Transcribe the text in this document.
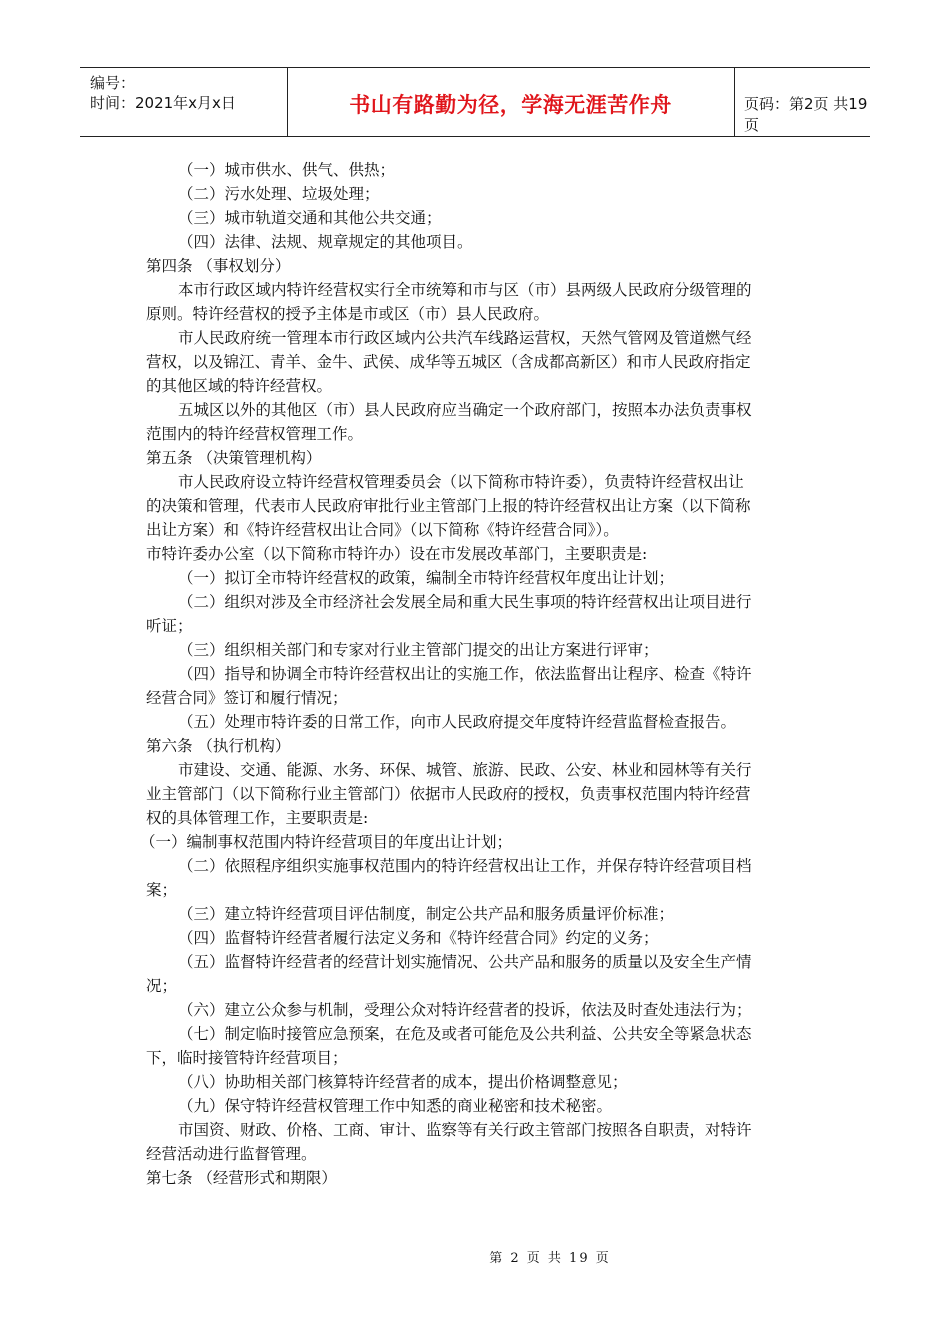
编号：
时间：2021年x月x日	书山有路勤为径，学海无涯苦作舟	页码：第2页 共19页

（一）城市供水、供气、供热；

（二）污水处理、垃圾处理；

（三）城市轨道交通和其他公共交通；

（四）法律、法规、规章规定的其他项目。

第四条 （事权划分）

本市行政区域内特许经营权实行全市统筹和市与区（市）县两级人民政府分级管理的

原则。特许经营权的授予主体是市或区（市）县人民政府。

市人民政府统一管理本市行政区域内公共汽车线路运营权，天然气管网及管道燃气经

营权，以及锦江、青羊、金牛、武侯、成华等五城区（含成都高新区）和市人民政府指定

的其他区域的特许经营权。

五城区以外的其他区（市）县人民政府应当确定一个政府部门，按照本办法负责事权

范围内的特许经营权管理工作。

第五条 （决策管理机构）

市人民政府设立特许经营权管理委员会（以下简称市特许委），负责特许经营权出让

的决策和管理，代表市人民政府审批行业主管部门上报的特许经营权出让方案（以下简称

出让方案）和《特许经营权出让合同》（以下简称《特许经营合同》）。

市特许委办公室（以下简称市特许办）设在市发展改革部门，主要职责是:

（一）拟订全市特许经营权的政策，编制全市特许经营权年度出让计划；

（二）组织对涉及全市经济社会发展全局和重大民生事项的特许经营权出让项目进行

听证；

（三）组织相关部门和专家对行业主管部门提交的出让方案进行评审；

（四）指导和协调全市特许经营权出让的实施工作，依法监督出让程序、检查《特许

经营合同》签订和履行情况；

（五）处理市特许委的日常工作，向市人民政府提交年度特许经营监督检查报告。

第六条 （执行机构）

市建设、交通、能源、水务、环保、城管、旅游、民政、公安、林业和园林等有关行

业主管部门（以下简称行业主管部门）依据市人民政府的授权，负责事权范围内特许经营

权的具体管理工作，主要职责是:

（一）编制事权范围内特许经营项目的年度出让计划；

（二）依照程序组织实施事权范围内的特许经营权出让工作，并保存特许经营项目档

案；

（三）建立特许经营项目评估制度，制定公共产品和服务质量评价标准；

（四）监督特许经营者履行法定义务和《特许经营合同》约定的义务；

（五）监督特许经营者的经营计划实施情况、公共产品和服务的质量以及安全生产情

况；

（六）建立公众参与机制，受理公众对特许经营者的投诉，依法及时查处违法行为；

（七）制定临时接管应急预案，在危及或者可能危及公共利益、公共安全等紧急状态

下，临时接管特许经营项目；

（八）协助相关部门核算特许经营者的成本，提出价格调整意见；

（九）保守特许经营权管理工作中知悉的商业秘密和技术秘密。

市国资、财政、价格、工商、审计、监察等有关行政主管部门按照各自职责，对特许

经营活动进行监督管理。

第七条 （经营形式和期限）

第 2 页 共 19 页
